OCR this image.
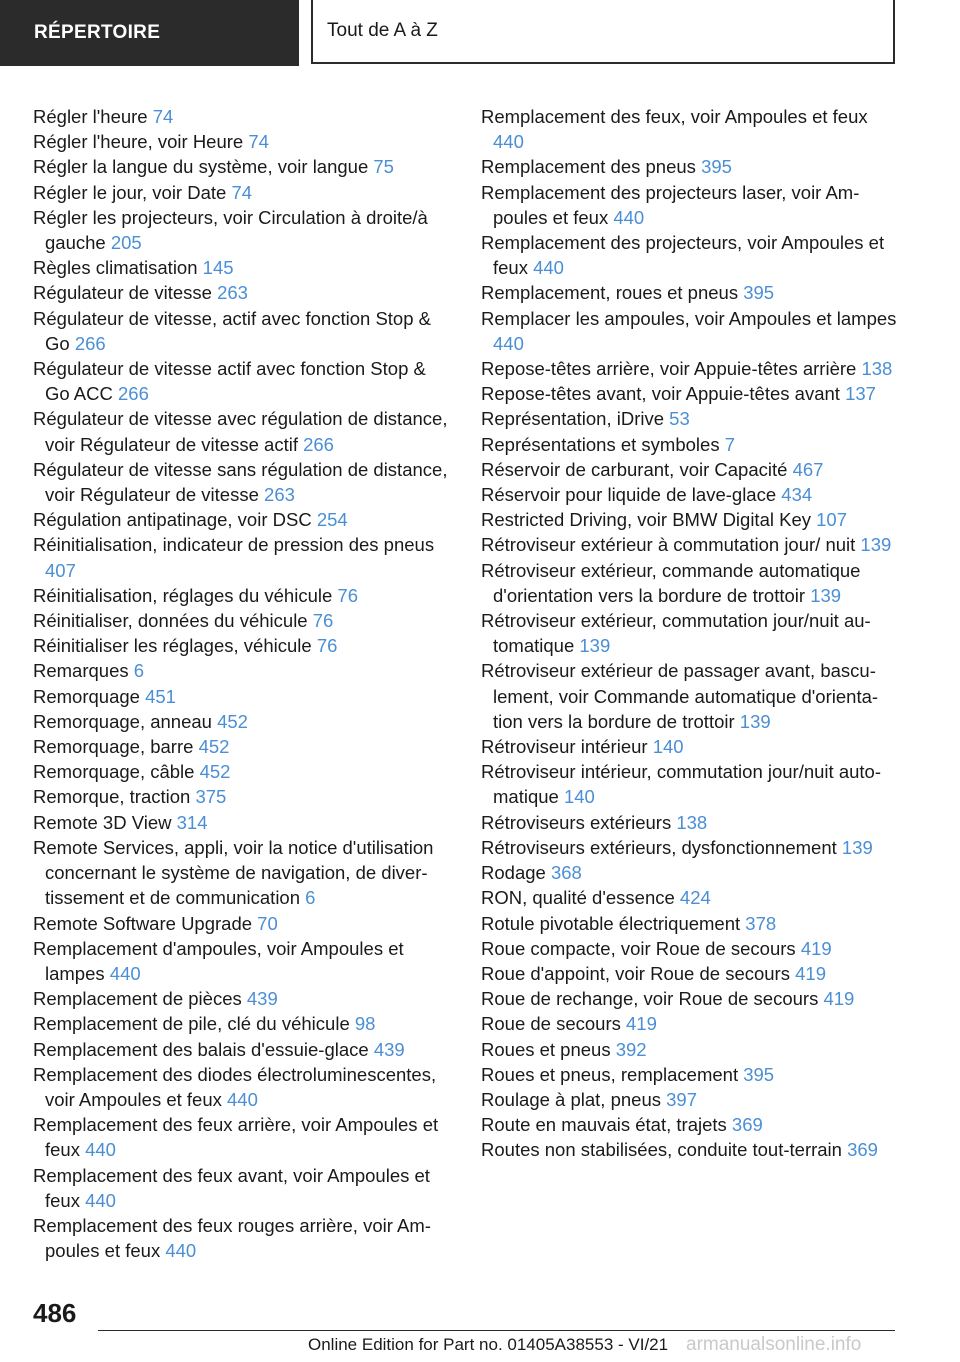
RÉPERTOIRE	Tout de A à Z

Régler l'heure 74

Régler l'heure, voir Heure 74

Régler la langue du système, voir langue 75

Régler le jour, voir Date 74

Régler les projecteurs, voir Circulation à droite/à gauche 205

Règles climatisation 145

Régulateur de vitesse 263

Régulateur de vitesse, actif avec fonction Stop & Go 266

Régulateur de vitesse actif avec fonction Stop & Go ACC 266

Régulateur de vitesse avec régulation de distance, voir Régulateur de vitesse actif 266

Régulateur de vitesse sans régulation de distance, voir Régulateur de vitesse 263

Régulation antipatinage, voir DSC 254

Réinitialisation, indicateur de pression des pneus 407

Réinitialisation, réglages du véhicule 76

Réinitialiser, données du véhicule 76

Réinitialiser les réglages, véhicule 76

Remarques 6

Remorquage 451

Remorquage, anneau 452

Remorquage, barre 452

Remorquage, câble 452

Remorque, traction 375

Remote 3D View 314

Remote Services, appli, voir la notice d'utilisation concernant le système de navigation, de divertissement et de communication 6

Remote Software Upgrade 70

Remplacement d'ampoules, voir Ampoules et lampes 440

Remplacement de pièces 439

Remplacement de pile, clé du véhicule 98

Remplacement des balais d'essuie-glace 439

Remplacement des diodes électroluminescentes, voir Ampoules et feux 440

Remplacement des feux arrière, voir Ampoules et feux 440

Remplacement des feux avant, voir Ampoules et feux 440

Remplacement des feux rouges arrière, voir Ampoules et feux 440

Remplacement des feux, voir Ampoules et feux 440

Remplacement des pneus 395

Remplacement des projecteurs laser, voir Ampoules et feux 440

Remplacement des projecteurs, voir Ampoules et feux 440

Remplacement, roues et pneus 395

Remplacer les ampoules, voir Ampoules et lampes 440

Repose-têtes arrière, voir Appuie-têtes arrière 138

Repose-têtes avant, voir Appuie-têtes avant 137

Représentation, iDrive 53

Représentations et symboles 7

Réservoir de carburant, voir Capacité 467

Réservoir pour liquide de lave-glace 434

Restricted Driving, voir BMW Digital Key 107

Rétroviseur extérieur à commutation jour/ nuit 139

Rétroviseur extérieur, commande automatique d'orientation vers la bordure de trottoir 139

Rétroviseur extérieur, commutation jour/nuit automatique 139

Rétroviseur extérieur de passager avant, basculement, voir Commande automatique d'orientation vers la bordure de trottoir 139

Rétroviseur intérieur 140

Rétroviseur intérieur, commutation jour/nuit automatique 140

Rétroviseurs extérieurs 138

Rétroviseurs extérieurs, dysfonctionnement 139

Rodage 368

RON, qualité d'essence 424

Rotule pivotable électriquement 378

Roue compacte, voir Roue de secours 419

Roue d'appoint, voir Roue de secours 419

Roue de rechange, voir Roue de secours 419

Roue de secours 419

Roues et pneus 392

Roues et pneus, remplacement 395

Roulage à plat, pneus 397

Route en mauvais état, trajets 369

Routes non stabilisées, conduite tout-terrain 369

486
Online Edition for Part no. 01405A38553 - VI/21 armanualsonline.info
